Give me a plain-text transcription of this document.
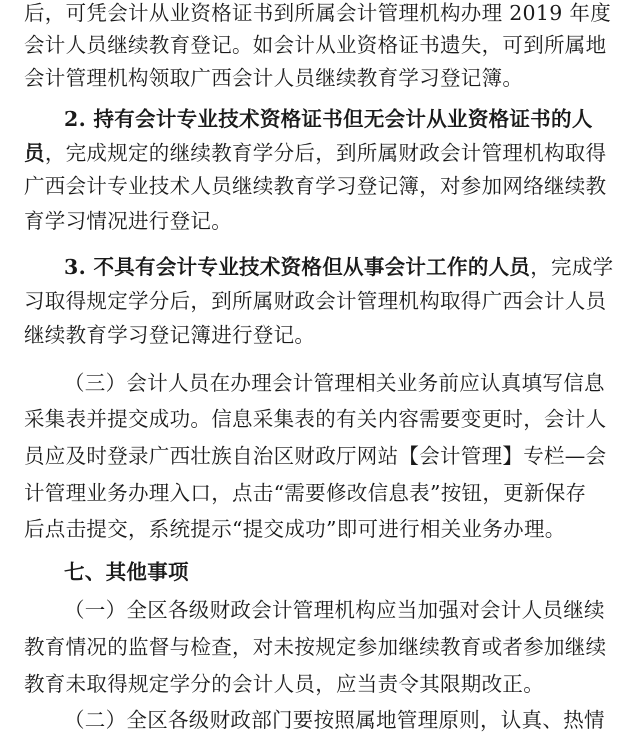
后，可凭会计从业资格证书到所属会计管理机构办理 2019 年度
会计人员继续教育登记。如会计从业资格证书遗失，可到所属地
会计管理机构领取广西会计人员继续教育学习登记簿。
2. 持有会计专业技术资格证书但无会计从业资格证书的人
员，完成规定的继续教育学分后，到所属财政会计管理机构取得
广西会计专业技术人员继续教育学习登记簿，对参加网络继续教
育学习情况进行登记。
3. 不具有会计专业技术资格但从事会计工作的人员，完成学
习取得规定学分后，到所属财政会计管理机构取得广西会计人员
继续教育学习登记簿进行登记。
（三）会计人员在办理会计管理相关业务前应认真填写信息
采集表并提交成功。信息采集表的有关内容需要变更时，会计人
员应及时登录广西壮族自治区财政厅网站【会计管理】专栏—会
计管理业务办理入口，点击“需要修改信息表”按钮，更新保存
后点击提交，系统提示“提交成功”即可进行相关业务办理。
七、其他事项
（一）全区各级财政会计管理机构应当加强对会计人员继续
教育情况的监督与检查，对未按规定参加继续教育或者参加继续
教育未取得规定学分的会计人员，应当责令其限期改正。
（二）全区各级财政部门要按照属地管理原则，认真、热情
